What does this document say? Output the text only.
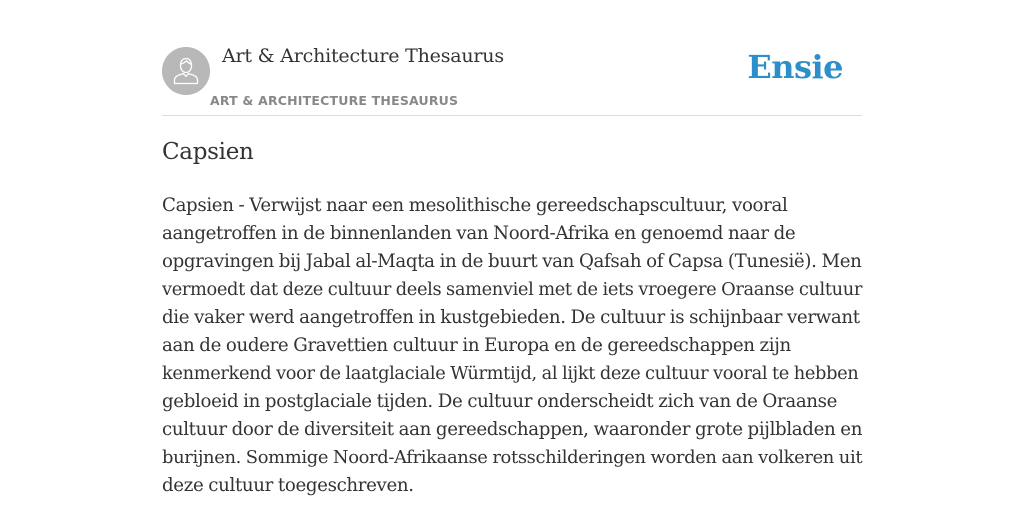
Art & Architecture Thesaurus
ART & ARCHITECTURE THESAURUS
Ensie
Capsien

Capsien - Verwijst naar een mesolithische gereedschapscultuur, vooral
aangetroffen in de binnenlanden van Noord-Afrika en genoemd naar de
opgravingen bij Jabal al-Maqta in de buurt van Qafsah of Capsa (Tunesië). Men
vermoedt dat deze cultuur deels samenviel met de iets vroegere Oraanse cultuur
die vaker werd aangetroffen in kustgebieden. De cultuur is schijnbaar verwant
aan de oudere Gravettien cultuur in Europa en de gereedschappen zijn
kenmerkend voor de laatglaciale Würmtijd, al lijkt deze cultuur vooral te hebben
gebloeid in postglaciale tijden. De cultuur onderscheidt zich van de Oraanse
cultuur door de diversiteit aan gereedschappen, waaronder grote pijlbladen en
burijnen. Sommige Noord-Afrikaanse rotsschilderingen worden aan volkeren uit
deze cultuur toegeschreven.
